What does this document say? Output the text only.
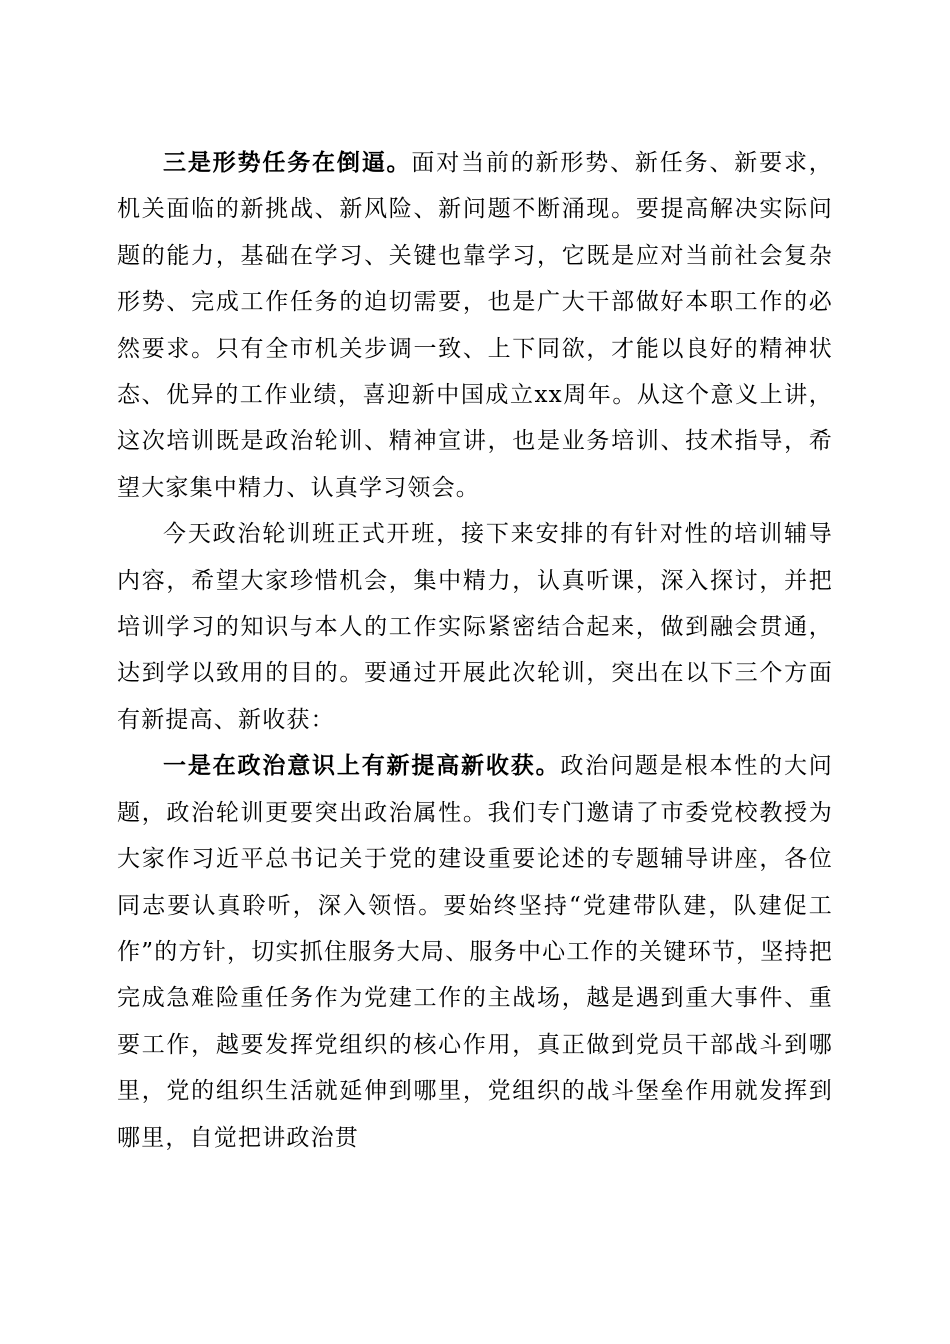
三是形势任务在倒逼。面对当前的新形势、新任务、新要求，机关面临的新挑战、新风险、新问题不断涌现。要提高解决实际问题的能力，基础在学习、关键也靠学习，它既是应对当前社会复杂形势、完成工作任务的迫切需要，也是广大干部做好本职工作的必然要求。只有全市机关步调一致、上下同欲，才能以良好的精神状态、优异的工作业绩，喜迎新中国成立xx周年。从这个意义上讲，这次培训既是政治轮训、精神宣讲，也是业务培训、技术指导，希望大家集中精力、认真学习领会。

今天政治轮训班正式开班，接下来安排的有针对性的培训辅导内容，希望大家珍惜机会，集中精力，认真听课，深入探讨，并把培训学习的知识与本人的工作实际紧密结合起来，做到融会贯通，达到学以致用的目的。要通过开展此次轮训，突出在以下三个方面有新提高、新收获：

一是在政治意识上有新提高新收获。政治问题是根本性的大问题，政治轮训更要突出政治属性。我们专门邀请了市委党校教授为大家作习近平总书记关于党的建设重要论述的专题辅导讲座，各位同志要认真聆听，深入领悟。要始终坚持“党建带队建，队建促工作”的方针，切实抓住服务大局、服务中心工作的关键环节，坚持把完成急难险重任务作为党建工作的主战场，越是遇到重大事件、重要工作，越要发挥党组织的核心作用，真正做到党员干部战斗到哪里，党的组织生活就延伸到哪里，党组织的战斗堡垒作用就发挥到哪里，自觉把讲政治贯
